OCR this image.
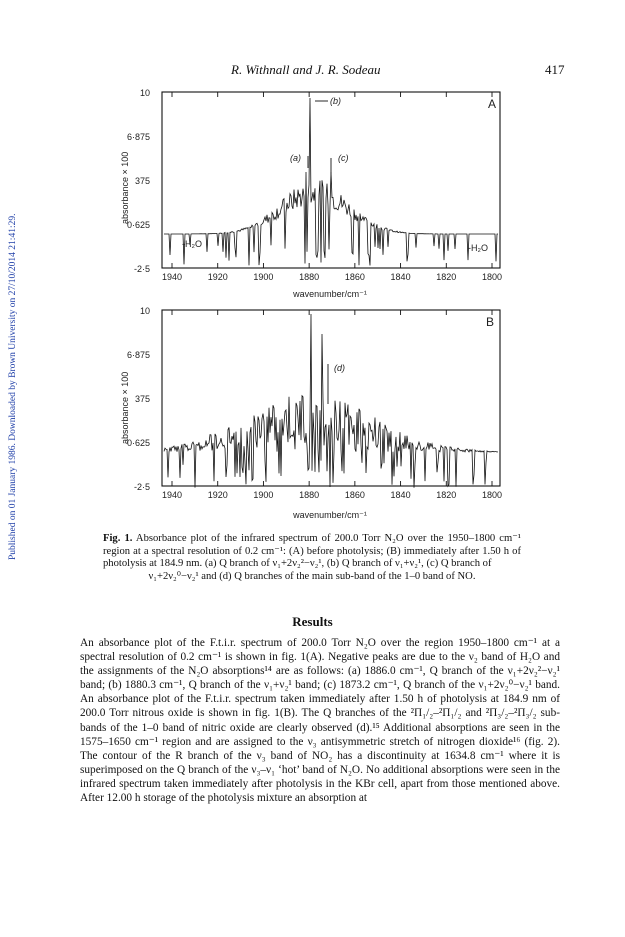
Published on 01 January 1986. Downloaded by Brown University on 27/10/2014 21:41:29.
R. Withnall and J. R. Sodeau	417
10
6·875
375
0·625
-2·5
absorbance × 100
A
1940	1920	1900	1880	1860	1840	1820	1800
wavenumber/cm⁻¹
(b)
(a)	(c)
-H₂O	-H₂O
10
6·875
375
0·625
-2·5
absorbance × 100
B
1940	1920	1900	1880	1860	1840	1820	1800
wavenumber/cm⁻¹
(d)
Fig. 1. Absorbance plot of the infrared spectrum of 200.0 Torr N₂O over the 1950–1800 cm⁻¹ region at a spectral resolution of 0.2 cm⁻¹: (A) before photolysis; (B) immediately after 1.50 h of photolysis at 184.9 nm. (a) Q branch of ν₁+2ν₂²−ν₂¹, (b) Q branch of ν₁+ν₂¹, (c) Q branch of
ν₁+2ν₂⁰−ν₂¹ and (d) Q branches of the main sub-band of the 1–0 band of NO.
Results

An absorbance plot of the F.t.i.r. spectrum of 200.0 Torr N₂O over the region 1950–1800 cm⁻¹ at a spectral resolution of 0.2 cm⁻¹ is shown in fig. 1(A). Negative peaks are due to the ν₂ band of H₂O and the assignments of the N₂O absorptions¹⁴ are as follows: (a) 1886.0 cm⁻¹, Q branch of the ν₁+2ν₂²−ν₂¹ band; (b) 1880.3 cm⁻¹, Q branch of the ν₁+ν₂¹ band; (c) 1873.2 cm⁻¹, Q branch of the ν₁+2ν₂⁰−ν₂¹ band. An absorbance plot of the F.t.i.r. spectrum taken immediately after 1.50 h of photolysis at 184.9 nm of 200.0 Torr nitrous oxide is shown in fig. 1(B). The Q branches of the ²Π₁/₂–²Π₁/₂ and ²Π₃/₂–²Π₃/₂ sub-bands of the 1–0 band of nitric oxide are clearly observed (d).¹⁵ Additional absorptions are seen in the 1575–1650 cm⁻¹ region and are assigned to the ν₃ antisymmetric stretch of nitrogen dioxide¹⁶ (fig. 2). The contour of the R branch of the ν₃ band of NO₂ has a discontinuity at 1634.8 cm⁻¹ where it is superimposed on the Q branch of the ν₃–ν₁ ‘hot’ band of N₂O. No additional absorptions were seen in the infrared spectrum taken immediately after photolysis in the KBr cell, apart from those mentioned above. After 12.00 h storage of the photolysis mixture an absorption at
